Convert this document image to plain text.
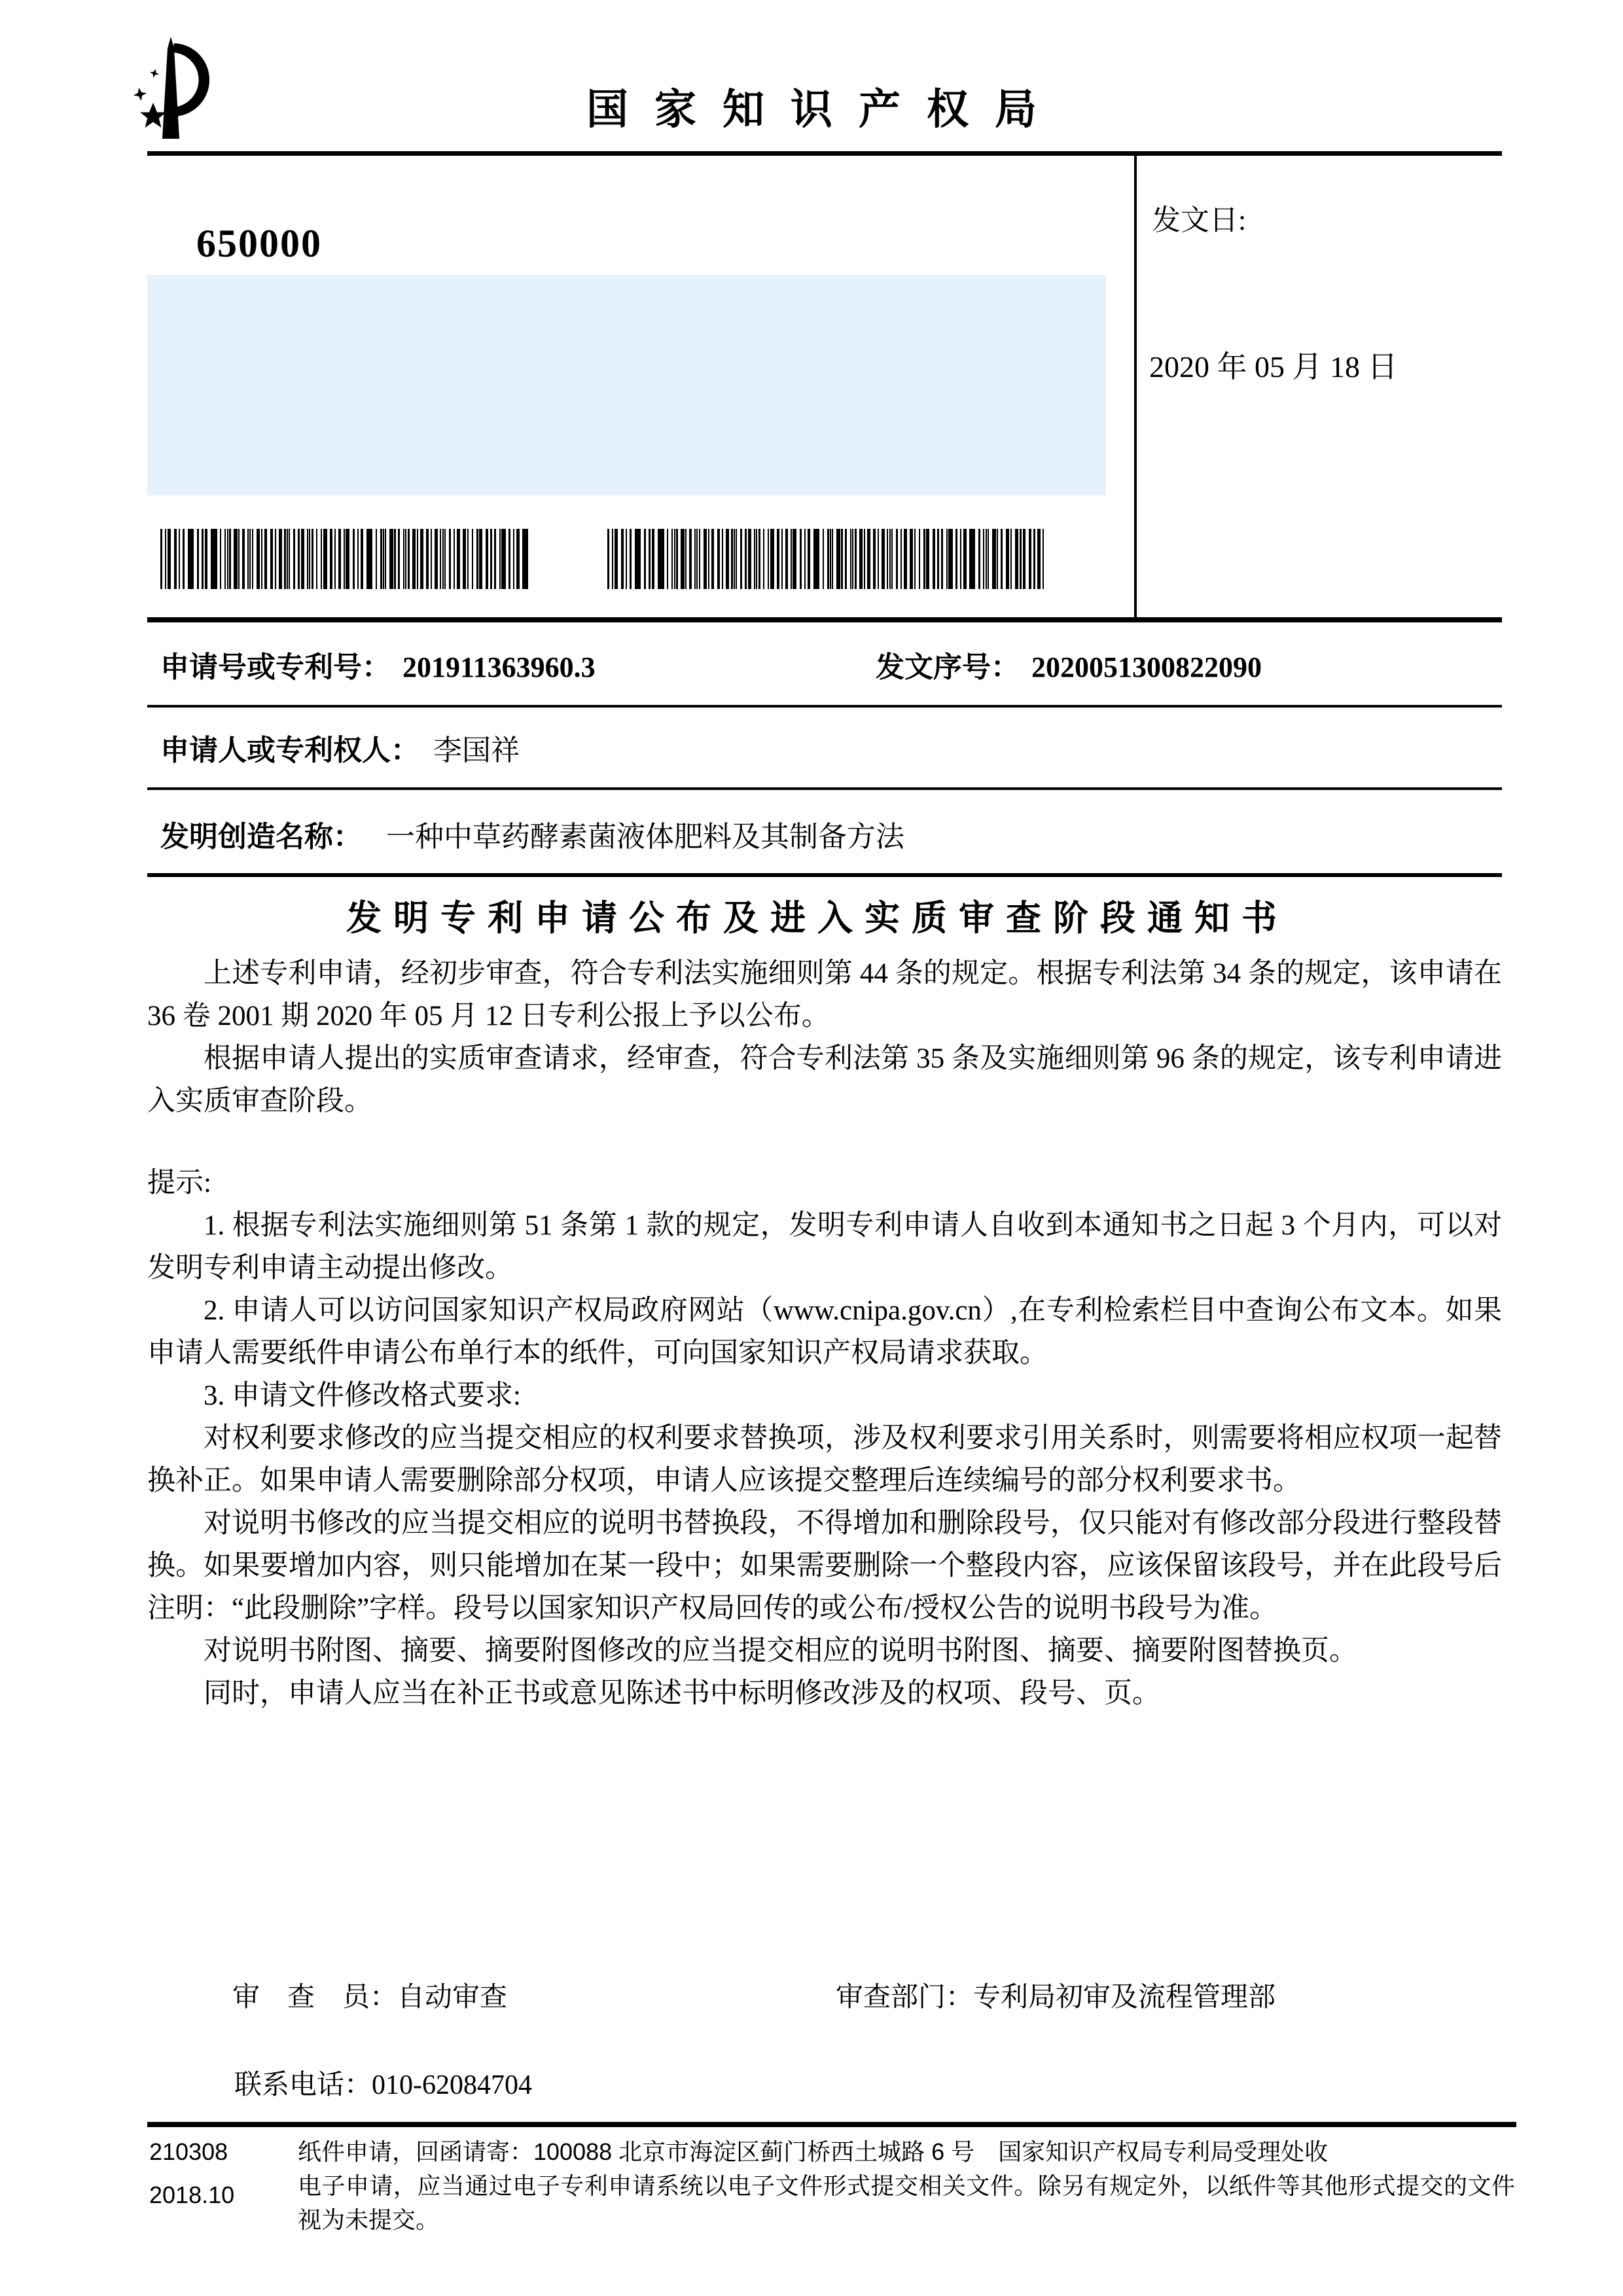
国家知识产权局
650000
发文日:
2020 年 05 月 18 日
申请号或专利号： 201911363960.3	发文序号： 2020051300822090
申请人或专利权人： 李国祥
发明创造名称： 一种中草药酵素菌液体肥料及其制备方法
发明专利申请公布及进入实质审查阶段通知书

上述专利申请，经初步审查，符合专利法实施细则第 44 条的规定。根据专利法第 34 条的规定，该申请在 36 卷 2001 期 2020 年 05 月 12 日专利公报上予以公布。

根据申请人提出的实质审查请求，经审查，符合专利法第 35 条及实施细则第 96 条的规定，该专利申请进入实质审查阶段。

提示:

1. 根据专利法实施细则第 51 条第 1 款的规定，发明专利申请人自收到本通知书之日起 3 个月内，可以对发明专利申请主动提出修改。

2. 申请人可以访问国家知识产权局政府网站（www.cnipa.gov.cn）,在专利检索栏目中查询公布文本。如果申请人需要纸件申请公布单行本的纸件，可向国家知识产权局请求获取。

3. 申请文件修改格式要求:

对权利要求修改的应当提交相应的权利要求替换项，涉及权利要求引用关系时，则需要将相应权项一起替换补正。如果申请人需要删除部分权项，申请人应该提交整理后连续编号的部分权利要求书。

对说明书修改的应当提交相应的说明书替换段，不得增加和删除段号，仅只能对有修改部分段进行整段替换。如果要增加内容，则只能增加在某一段中；如果需要删除一个整段内容，应该保留该段号，并在此段号后注明：“此段删除”字样。段号以国家知识产权局回传的或公布/授权公告的说明书段号为准。

对说明书附图、摘要、摘要附图修改的应当提交相应的说明书附图、摘要、摘要附图替换页。

同时，申请人应当在补正书或意见陈述书中标明修改涉及的权项、段号、页。

审　查　员：自动审查	审查部门：专利局初审及流程管理部
联系电话：010-62084704
210308
2018.10

纸件申请，回函请寄：100088 北京市海淀区蓟门桥西土城路 6 号　国家知识产权局专利局受理处收

电子申请，应当通过电子专利申请系统以电子文件形式提交相关文件。除另有规定外，以纸件等其他形式提交的文件视为未提交。
